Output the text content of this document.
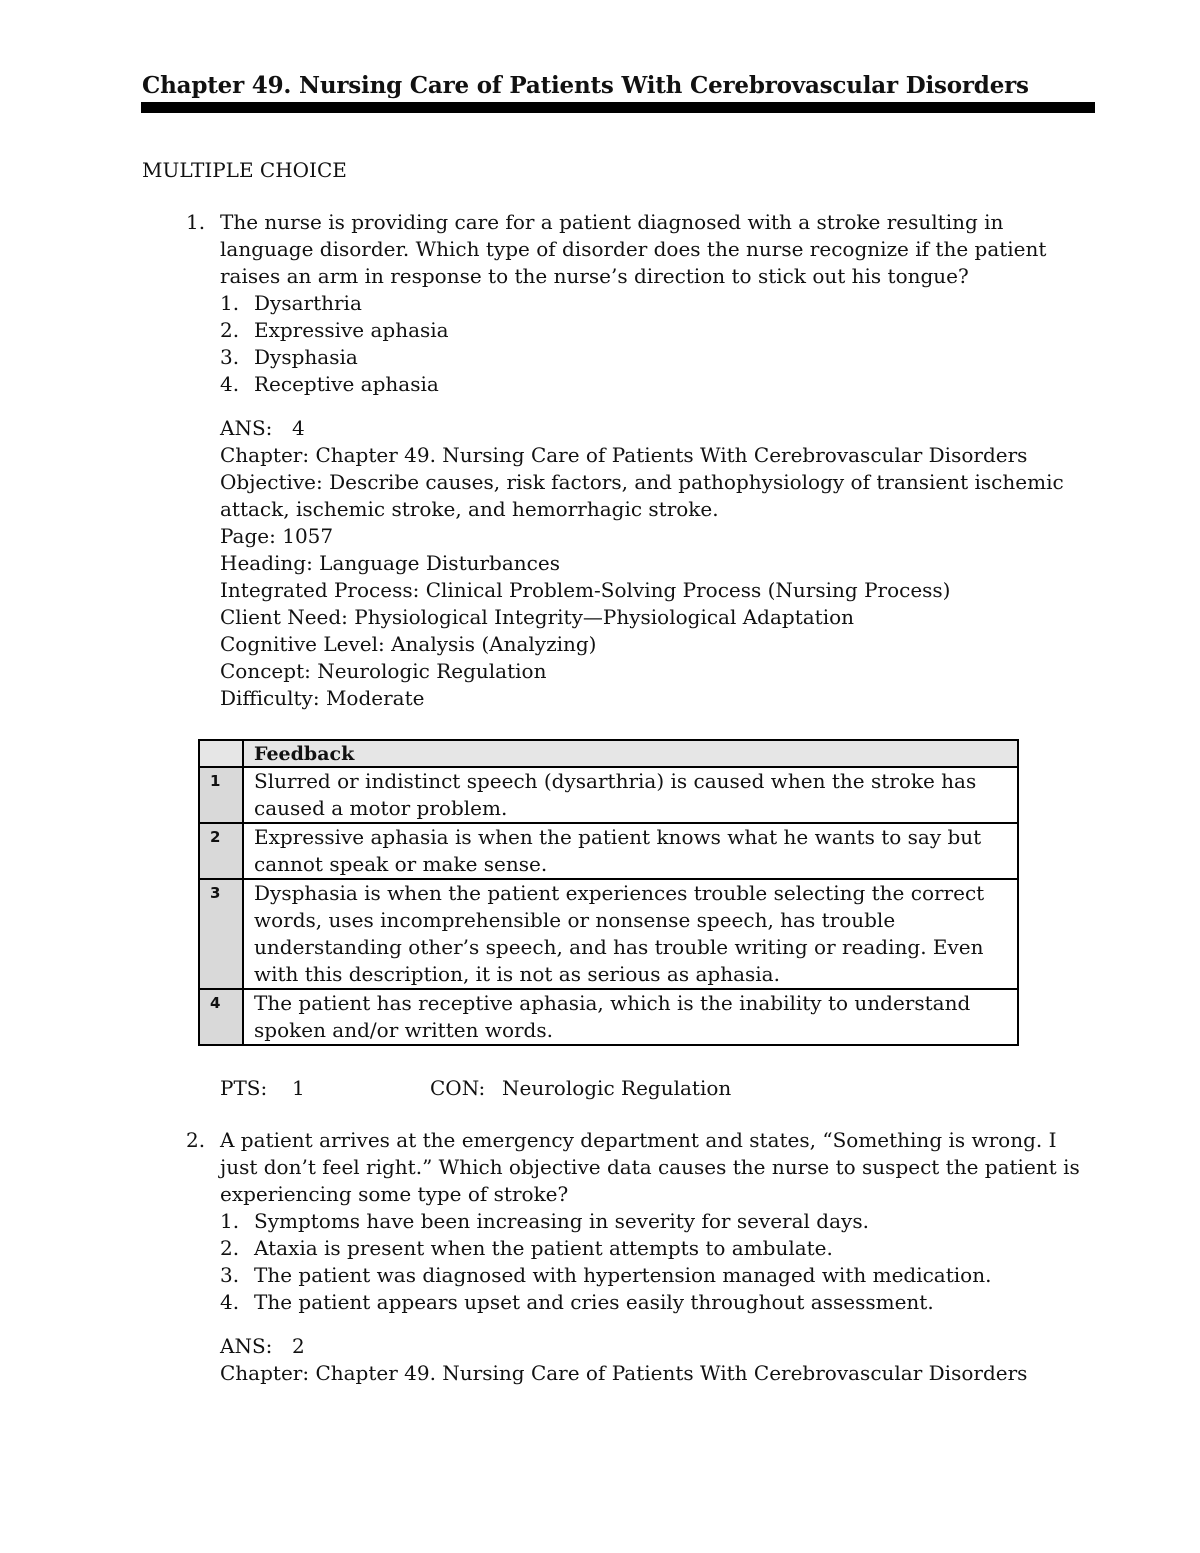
Chapter 49. Nursing Care of Patients With Cerebrovascular Disorders
MULTIPLE CHOICE
1. The nurse is providing care for a patient diagnosed with a stroke resulting in language disorder. Which type of disorder does the nurse recognize if the patient raises an arm in response to the nurse’s direction to stick out his tongue?
1. Dysarthria
2. Expressive aphasia
3. Dysphasia
4. Receptive aphasia
ANS: 4
Chapter: Chapter 49. Nursing Care of Patients With Cerebrovascular Disorders
Objective: Describe causes, risk factors, and pathophysiology of transient ischemic attack, ischemic stroke, and hemorrhagic stroke.
Page: 1057
Heading: Language Disturbances
Integrated Process: Clinical Problem-Solving Process (Nursing Process)
Client Need: Physiological Integrity—Physiological Adaptation
Cognitive Level: Analysis (Analyzing)
Concept: Neurologic Regulation
Difficulty: Moderate
	Feedback
1	Slurred or indistinct speech (dysarthria) is caused when the stroke has caused a motor problem.
2	Expressive aphasia is when the patient knows what he wants to say but cannot speak or make sense.
3	Dysphasia is when the patient experiences trouble selecting the correct words, uses incomprehensible or nonsense speech, has trouble understanding other’s speech, and has trouble writing or reading. Even with this description, it is not as serious as aphasia.
4	The patient has receptive aphasia, which is the inability to understand spoken and/or written words.
PTS: 1	CON: Neurologic Regulation
2. A patient arrives at the emergency department and states, “Something is wrong. I just don’t feel right.” Which objective data causes the nurse to suspect the patient is experiencing some type of stroke?
1. Symptoms have been increasing in severity for several days.
2. Ataxia is present when the patient attempts to ambulate.
3. The patient was diagnosed with hypertension managed with medication.
4. The patient appears upset and cries easily throughout assessment.
ANS: 2
Chapter: Chapter 49. Nursing Care of Patients With Cerebrovascular Disorders
